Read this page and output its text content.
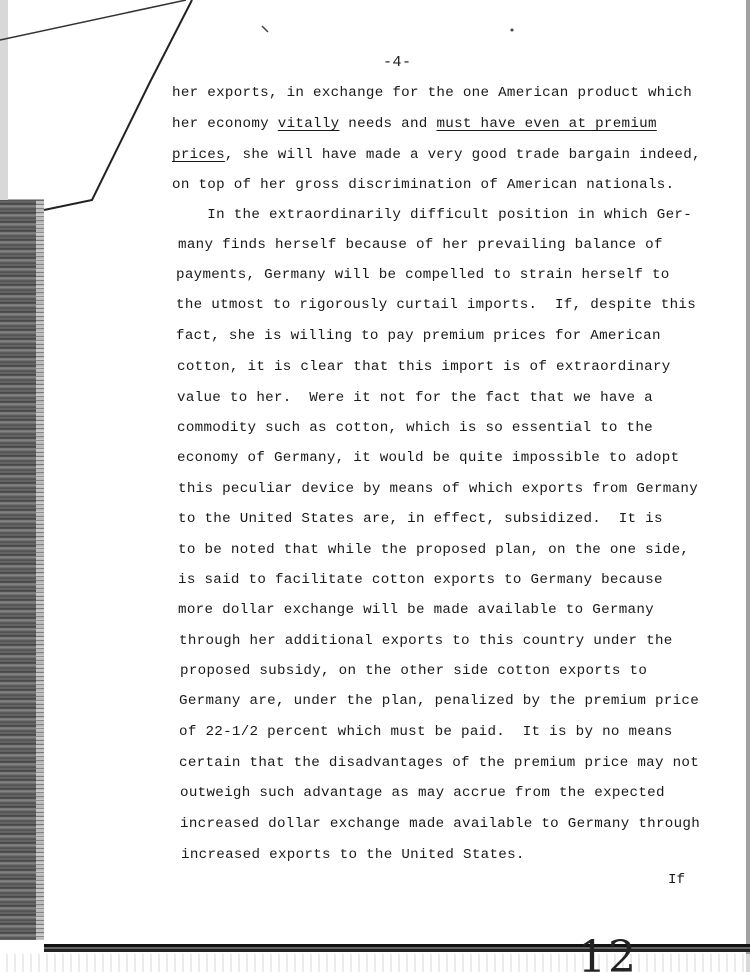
-4-
her exports, in exchange for the one American product which
her economy vitally needs and must have even at premium
prices, she will have made a very good trade bargain indeed,
on top of her gross discrimination of American nationals.
In the extraordinarily difficult position in which Ger-
many finds herself because of her prevailing balance of
payments, Germany will be compelled to strain herself to
the utmost to rigorously curtail imports.  If, despite this
fact, she is willing to pay premium prices for American
cotton, it is clear that this import is of extraordinary
value to her.  Were it not for the fact that we have a
commodity such as cotton, which is so essential to the
economy of Germany, it would be quite impossible to adopt
this peculiar device by means of which exports from Germany
to the United States are, in effect, subsidized.  It is
to be noted that while the proposed plan, on the one side,
is said to facilitate cotton exports to Germany because
more dollar exchange will be made available to Germany
through her additional exports to this country under the
proposed subsidy, on the other side cotton exports to
Germany are, under the plan, penalized by the premium price
of 22-1/2 percent which must be paid.  It is by no means
certain that the disadvantages of the premium price may not
outweigh such advantage as may accrue from the expected
increased dollar exchange made available to Germany through
increased exports to the United States.
If
12
